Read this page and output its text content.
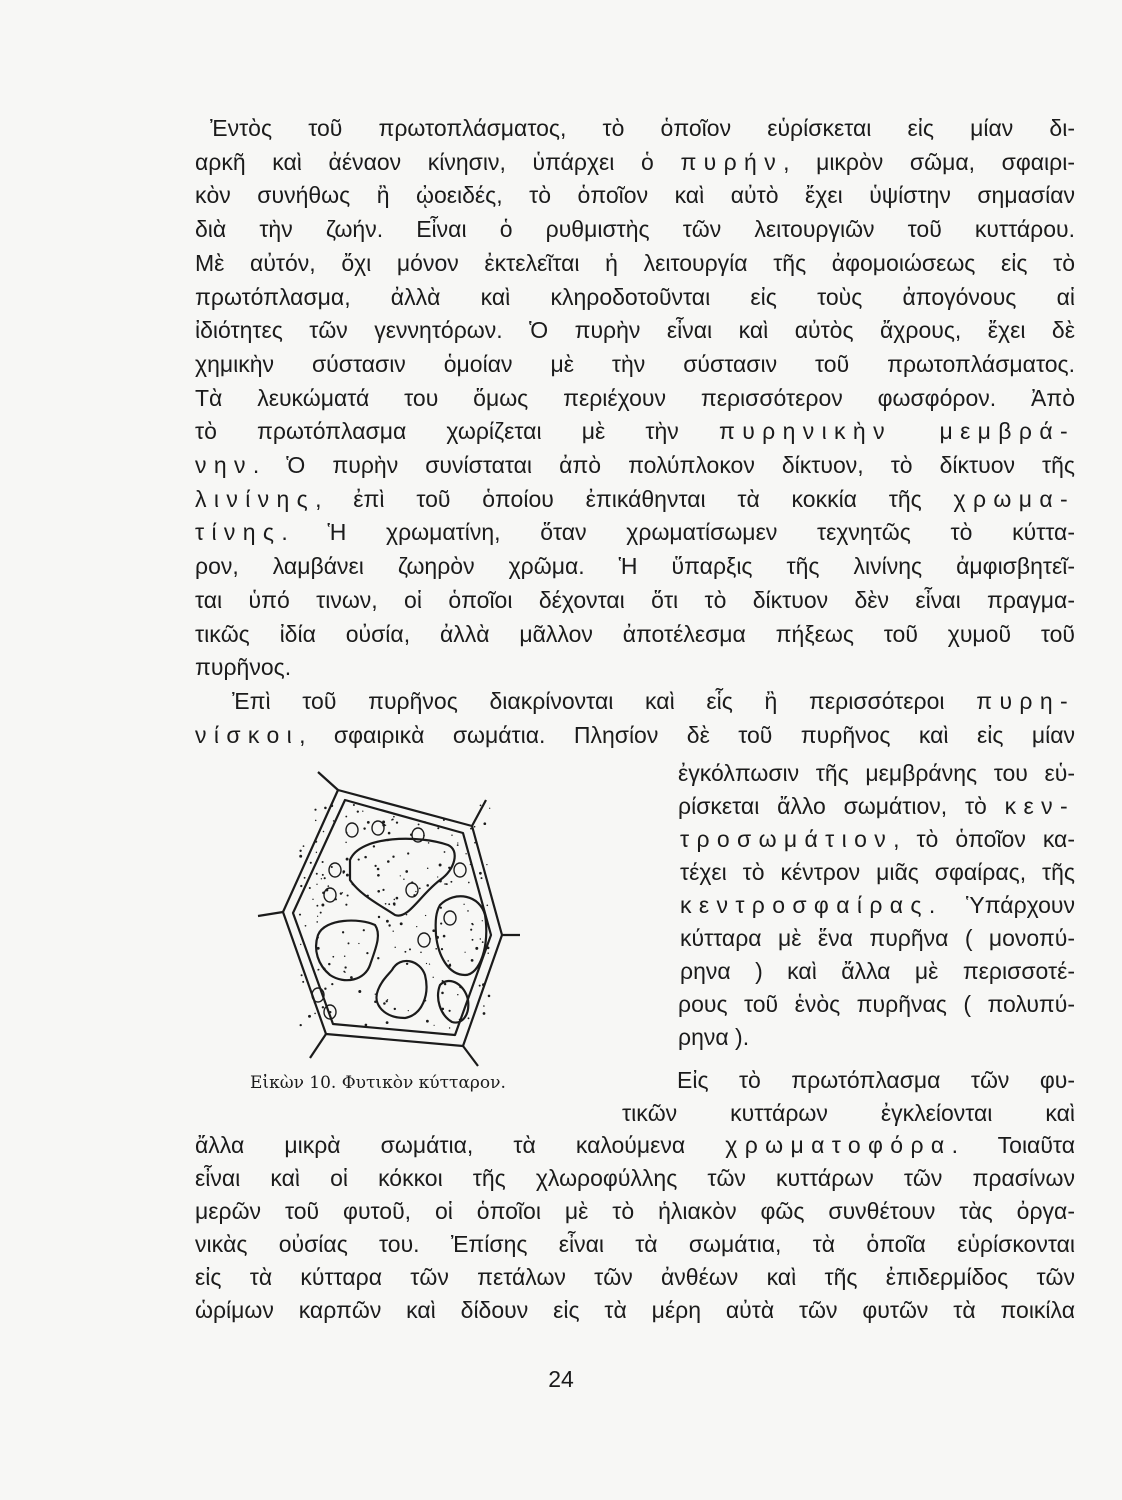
Ἐντὸς τοῦ πρωτοπλάσματος, τὸ ὁποῖον εὑρίσκεται εἰς μίαν δι-
αρκῆ καὶ ἀέναον κίνησιν, ὑπάρχει ὁ πυρήν, μικρὸν σῶμα, σφαιρι-
κὸν συνήθως ἢ ᾠοειδές, τὸ ὁποῖον καὶ αὐτὸ ἔχει ὑψίστην σημασίαν
διὰ τὴν ζωήν. Εἶναι ὁ ρυθμιστὴς τῶν λειτουργιῶν τοῦ κυττάρου.
Μὲ αὐτόν, ὄχι μόνον ἐκτελεῖται ἡ λειτουργία τῆς ἀφομοιώσεως εἰς τὸ
πρωτόπλασμα, ἀλλὰ καὶ κληροδοτοῦνται εἰς τοὺς ἀπογόνους αἱ
ἰδιότητες τῶν γεννητόρων. Ὁ πυρὴν εἶναι καὶ αὐτὸς ἄχρους, ἔχει δὲ
χημικὴν σύστασιν ὁμοίαν μὲ τὴν σύστασιν τοῦ πρωτοπλάσματος.
Τὰ λευκώματά του ὅμως περιέχουν περισσότερον φωσφόρον. Ἀπὸ
τὸ πρωτόπλασμα χωρίζεται μὲ τὴν πυρηνικὴν μεμβρά-
νην. Ὁ πυρὴν συνίσταται ἀπὸ πολύπλοκον δίκτυον, τὸ δίκτυον τῆς
λινίνης, ἐπὶ τοῦ ὁποίου ἐπικάθηνται τὰ κοκκία τῆς χρωμα-
τίνης. Ἡ χρωματίνη, ὅταν χρωματίσωμεν τεχνητῶς τὸ κύττα-
ρον, λαμβάνει ζωηρὸν χρῶμα. Ἡ ὕπαρξις τῆς λινίνης ἀμφισβητεῖ-
ται ὑπό τινων, οἱ ὁποῖοι δέχονται ὅτι τὸ δίκτυον δὲν εἶναι πραγμα-
τικῶς ἰδία οὐσία, ἀλλὰ μᾶλλον ἀποτέλεσμα πήξεως τοῦ χυμοῦ τοῦ
πυρῆνος.
Ἐπὶ τοῦ πυρῆνος διακρίνονται καὶ εἷς ἢ περισσότεροι πυρη-
νίσκοι, σφαιρικὰ σωμάτια. Πλησίον δὲ τοῦ πυρῆνος καὶ εἰς μίαν
ἐγκόλπωσιν τῆς μεμβράνης του εὑ-
ρίσκεται ἄλλο σωμάτιον, τὸ κεν-
τροσωμάτιον, τὸ ὁποῖον κα-
τέχει τὸ κέντρον μιᾶς σφαίρας, τῆς
κεντροσφαίρας. Ὑπάρχουν
κύτταρα μὲ ἕνα πυρῆνα ( μονοπύ-
ρηνα ) καὶ ἄλλα μὲ περισσοτέ-
ρους τοῦ ἑνὸς πυρῆνας ( πολυπύ-
ρηνα ).
Εἰς τὸ πρωτόπλασμα τῶν φυ-
τικῶν κυττάρων ἐγκλείονται καὶ
ἄλλα μικρὰ σωμάτια, τὰ καλούμενα χρωματοφόρα. Τοιαῦτα
εἶναι καὶ οἱ κόκκοι τῆς χλωροφύλλης τῶν κυττάρων τῶν πρασίνων
μερῶν τοῦ φυτοῦ, οἱ ὁποῖοι μὲ τὸ ἡλιακὸν φῶς συνθέτουν τὰς ὀργα-
νικὰς οὐσίας του. Ἐπίσης εἶναι τὰ σωμάτια, τὰ ὁποῖα εὑρίσκονται
εἰς τὰ κύτταρα τῶν πετάλων τῶν ἀνθέων καὶ τῆς ἐπιδερμίδος τῶν
ὡρίμων καρπῶν καὶ δίδουν εἰς τὰ μέρη αὐτὰ τῶν φυτῶν τὰ ποικίλα
Εἰκὼν 10. Φυτικὸν κύτταρον.
24
